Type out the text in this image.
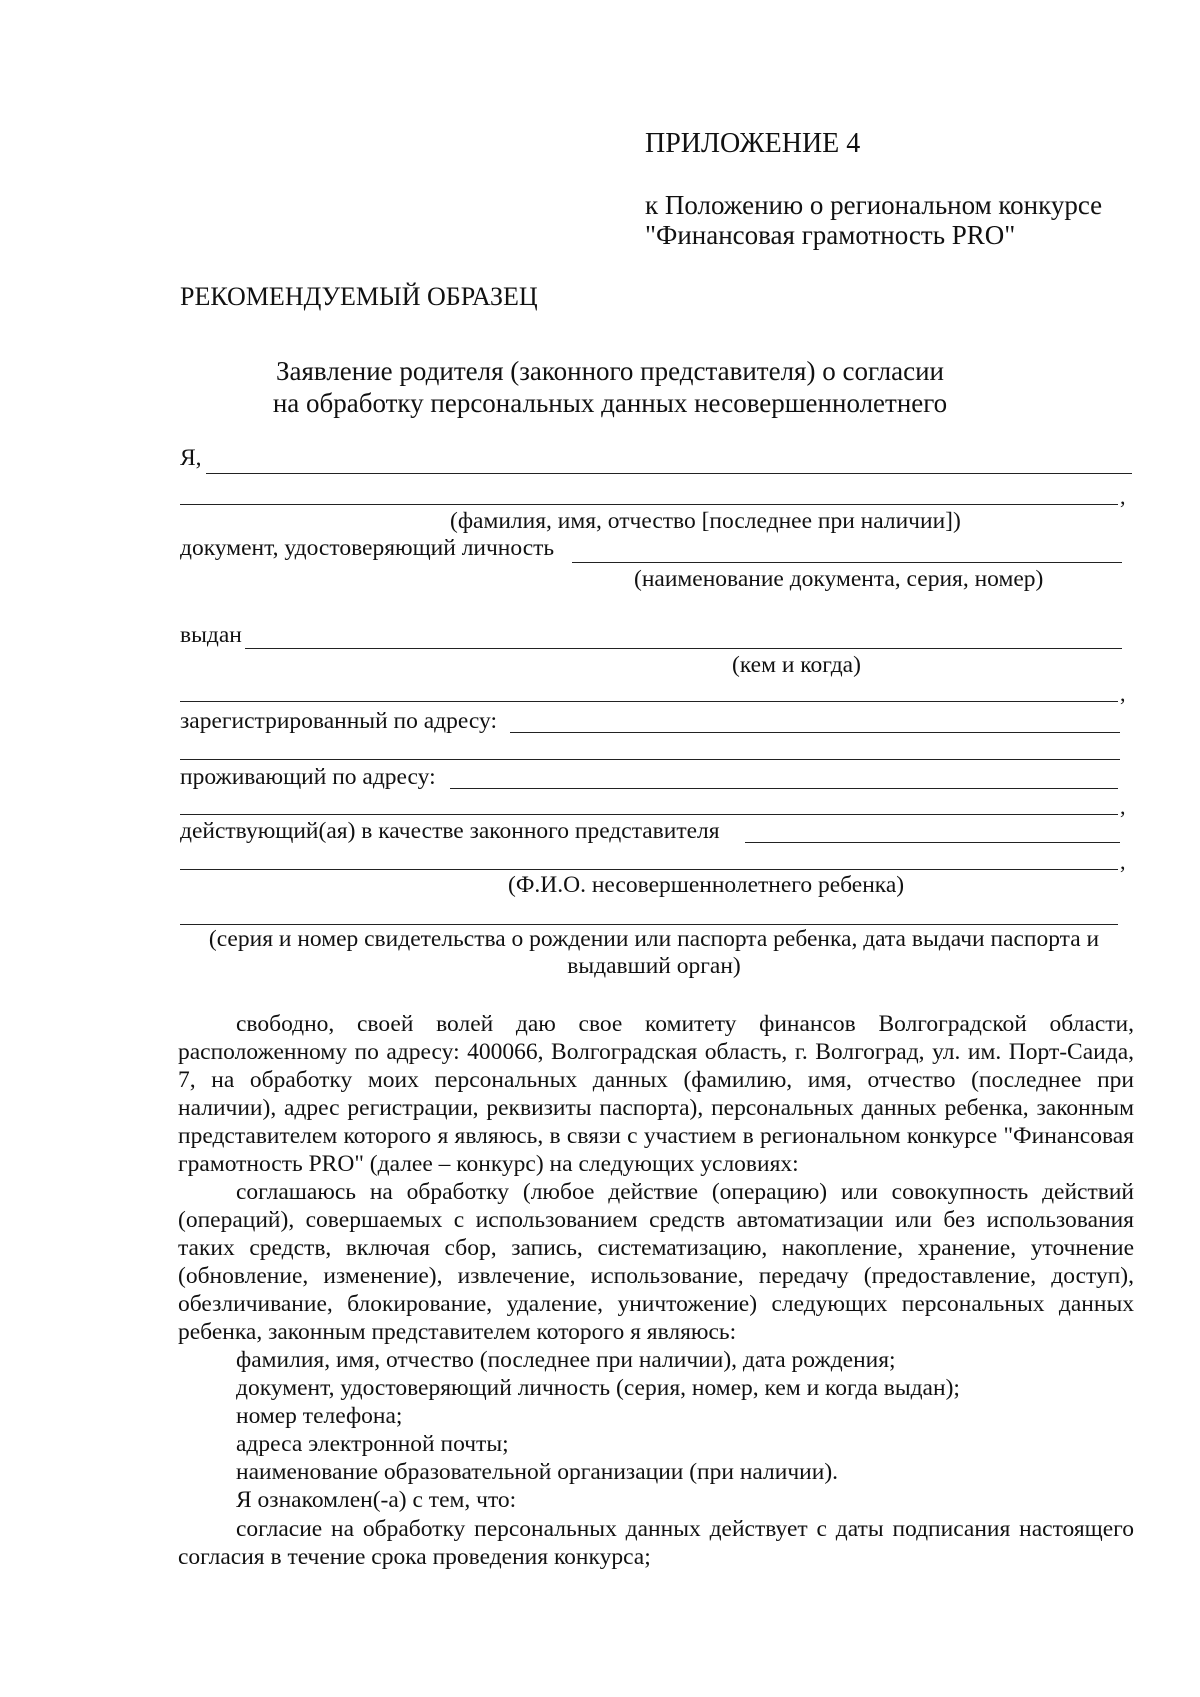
ПРИЛОЖЕНИЕ 4
к Положению о региональном конкурсе
"Финансовая грамотность PRO"
РЕКОМЕНДУЕМЫЙ ОБРАЗЕЦ
Заявление родителя (законного представителя) о согласии
на обработку персональных данных несовершеннолетнего
Я,
,
(фамилия, имя, отчество [последнее при наличии])
документ, удостоверяющий личность
(наименование документа, серия, номер)
выдан
(кем и когда)
,
зарегистрированный по адресу:
проживающий по адресу:
,
действующий(ая) в качестве законного представителя
,
(Ф.И.О. несовершеннолетнего ребенка)
(серия и номер свидетельства о рождении или паспорта ребенка, дата выдачи паспорта и
выдавший орган)

свободно, своей волей даю свое комитету финансов Волгоградской области, расположенному по адресу: 400066, Волгоградская область, г. Волгоград, ул. им. Порт-Саида, 7, на обработку моих персональных данных (фамилию, имя, отчество (последнее при наличии), адрес регистрации, реквизиты паспорта), персональных данных ребенка, законным представителем которого я являюсь, в связи с участием в региональном конкурсе "Финансовая грамотность PRO" (далее – конкурс) на следующих условиях:

соглашаюсь на обработку (любое действие (операцию) или совокупность действий (операций), совершаемых с использованием средств автоматизации или без использования таких средств, включая сбор, запись, систематизацию, накопление, хранение, уточнение (обновление, изменение), извлечение, использование, передачу (предоставление, доступ), обезличивание, блокирование, удаление, уничтожение) следующих персональных данных ребенка, законным представителем которого я являюсь:

фамилия, имя, отчество (последнее при наличии), дата рождения;
документ, удостоверяющий личность (серия, номер, кем и когда выдан);
номер телефона;
адреса электронной почты;
наименование образовательной организации (при наличии).
Я ознакомлен(-а) с тем, что:

согласие на обработку персональных данных действует с даты подписания настоящего согласия в течение срока проведения конкурса;
